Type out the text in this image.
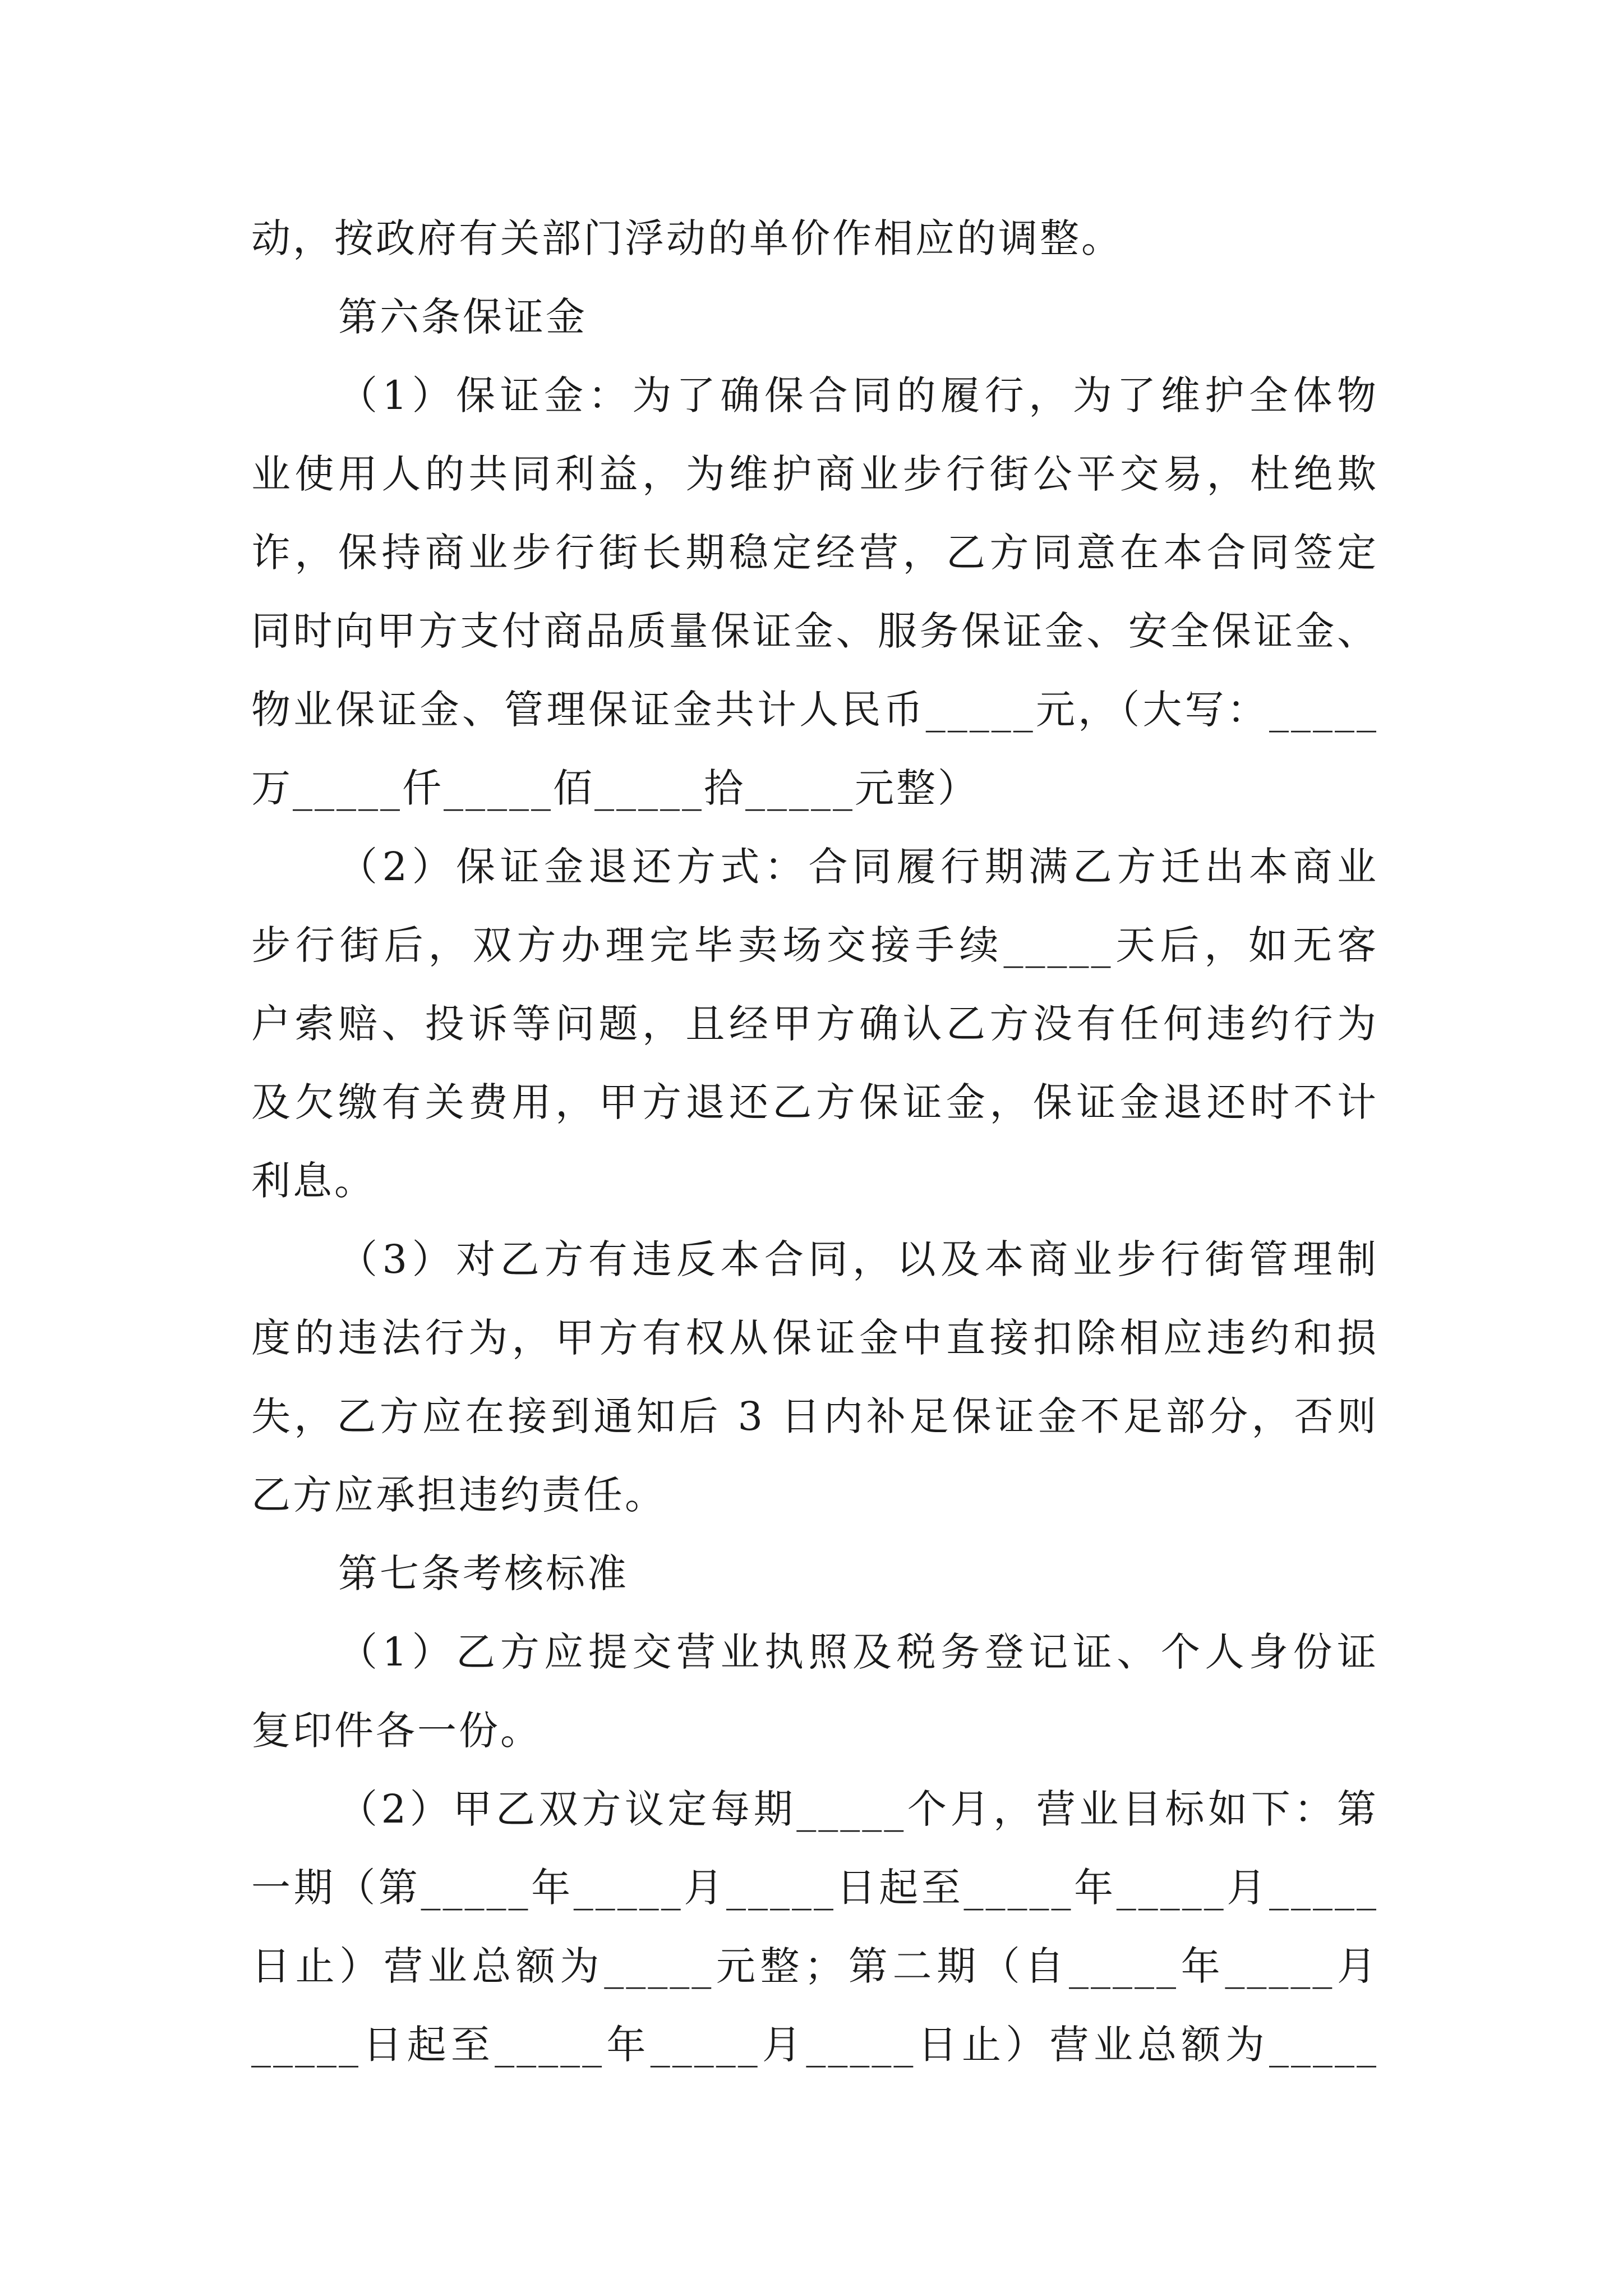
动，按政府有关部门浮动的单价作相应的调整。
第六条保证金
（1）保证金：为了确保合同的履行，为了维护全体物
业使用人的共同利益，为维护商业步行街公平交易，杜绝欺
诈，保持商业步行街长期稳定经营，乙方同意在本合同签定
同时向甲方支付商品质量保证金、服务保证金、安全保证金、
物业保证金、管理保证金共计人民币_____元，（大写：_____
万_____仟_____佰_____拾_____元整）
（2）保证金退还方式：合同履行期满乙方迁出本商业
步行街后，双方办理完毕卖场交接手续_____天后，如无客
户索赔、投诉等问题，且经甲方确认乙方没有任何违约行为
及欠缴有关费用，甲方退还乙方保证金，保证金退还时不计
利息。
（3）对乙方有违反本合同，以及本商业步行街管理制
度的违法行为，甲方有权从保证金中直接扣除相应违约和损
失，乙方应在接到通知后 3 日内补足保证金不足部分，否则
乙方应承担违约责任。
第七条考核标准
（1）乙方应提交营业执照及税务登记证、个人身份证
复印件各一份。
（2）甲乙双方议定每期_____个月，营业目标如下：第
一期（第_____年_____月_____日起至_____年_____月_____
日止）营业总额为_____元整；第二期（自_____年_____月
_____日起至_____年_____月_____日止）营业总额为_____
